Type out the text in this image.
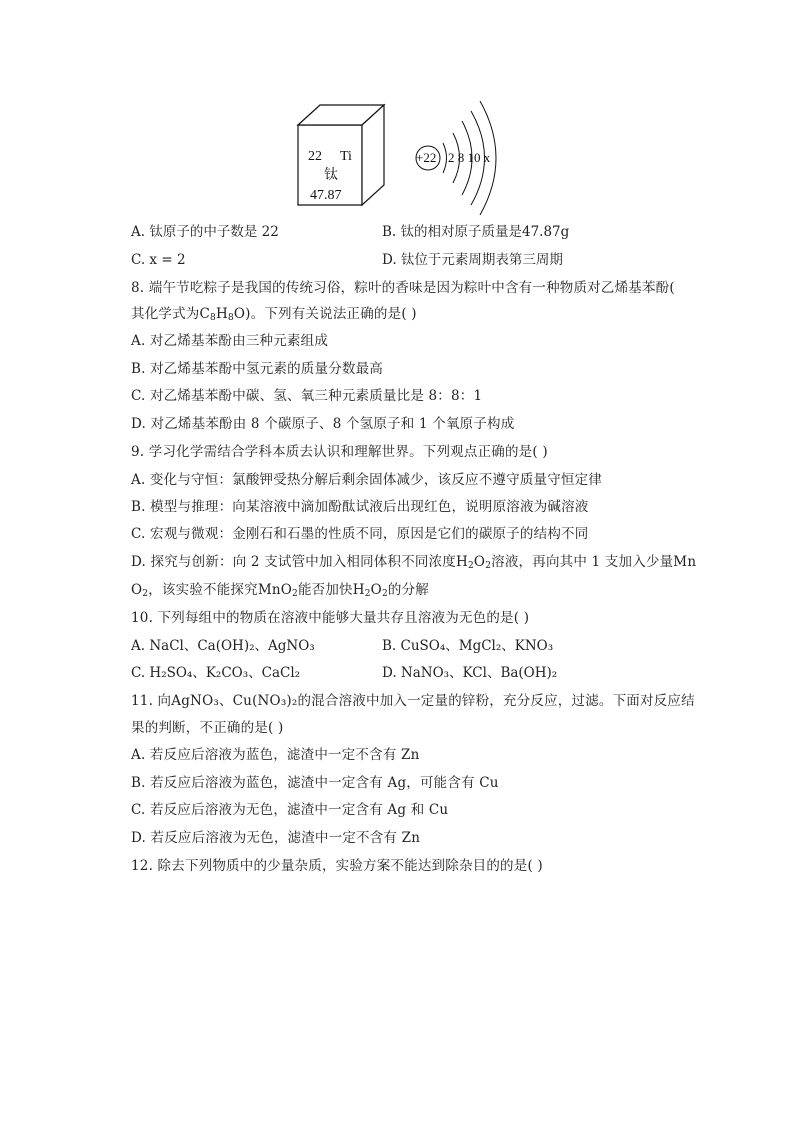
22 Ti
钛
47.87
+22 2 8 10 x
A. 钛原子的中子数是 22	B. 钛的相对原子质量是47.87g
C. x = 2	D. 钛位于元素周期表第三周期
8. 端午节吃粽子是我国的传统习俗，粽叶的香味是因为粽叶中含有一种物质对乙烯基苯酚(
其化学式为$C_8H_8O$)。下列有关说法正确的是( )
A. 对乙烯基苯酚由三种元素组成
B. 对乙烯基苯酚中氢元素的质量分数最高
C. 对乙烯基苯酚中碳、氢、氧三种元素质量比是 8：8：1
D. 对乙烯基苯酚由 8 个碳原子、8 个氢原子和 1 个氧原子构成
9. 学习化学需结合学科本质去认识和理解世界。下列观点正确的是( )
A. 变化与守恒：氯酸钾受热分解后剩余固体减少，该反应不遵守质量守恒定律
B. 模型与推理：向某溶液中滴加酚酞试液后出现红色，说明原溶液为碱溶液
C. 宏观与微观：金刚石和石墨的性质不同，原因是它们的碳原子的结构不同
D. 探究与创新：向 2 支试管中加入相同体积不同浓度$H_2O_2$溶液，再向其中 1 支加入少量Mn
$O_2$，该实验不能探究MnO$_2$能否加快$H_2O_2$的分解
10. 下列每组中的物质在溶液中能够大量共存且溶液为无色的是( )
A. NaCl、Ca(OH)₂、AgNO₃	B. CuSO₄、MgCl₂、KNO₃
C. H₂SO₄、K₂CO₃、CaCl₂	D. NaNO₃、KCl、Ba(OH)₂
11. 向AgNO₃、Cu(NO₃)₂的混合溶液中加入一定量的锌粉，充分反应，过滤。下面对反应结
果的判断，不正确的是( )
A. 若反应后溶液为蓝色，滤渣中一定不含有 Zn
B. 若反应后溶液为蓝色，滤渣中一定含有 Ag，可能含有 Cu
C. 若反应后溶液为无色，滤渣中一定含有 Ag 和 Cu
D. 若反应后溶液为无色，滤渣中一定不含有 Zn
12. 除去下列物质中的少量杂质，实验方案不能达到除杂目的的是( )
